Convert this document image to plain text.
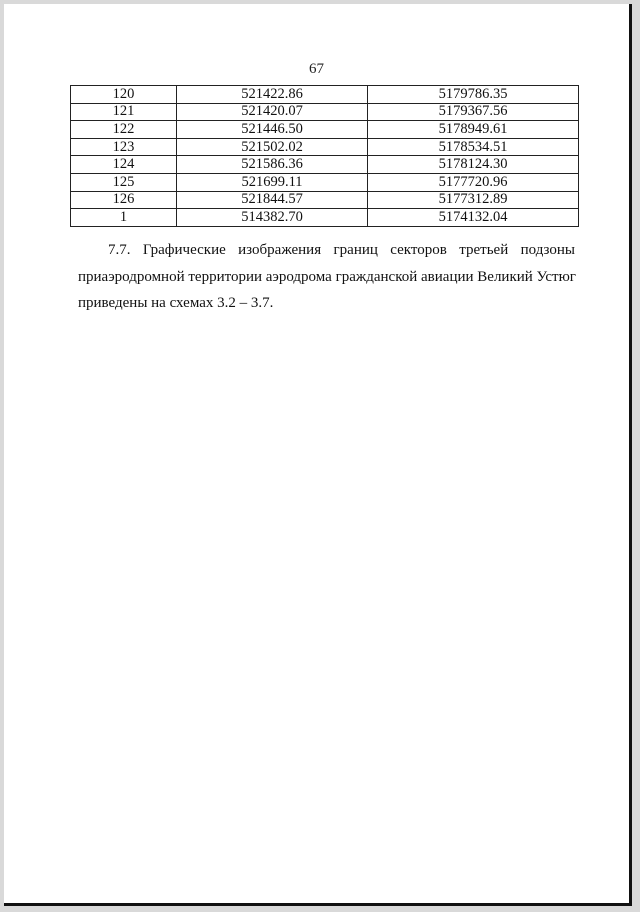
67
120	521422.86	5179786.35
121	521420.07	5179367.56
122	521446.50	5178949.61
123	521502.02	5178534.51
124	521586.36	5178124.30
125	521699.11	5177720.96
126	521844.57	5177312.89
1	514382.70	5174132.04
7.7. Графические изображения границ секторов третьей подзоны
приаэродромной территории аэродрома гражданской авиации Великий Устюг
приведены на схемах 3.2 – 3.7.
